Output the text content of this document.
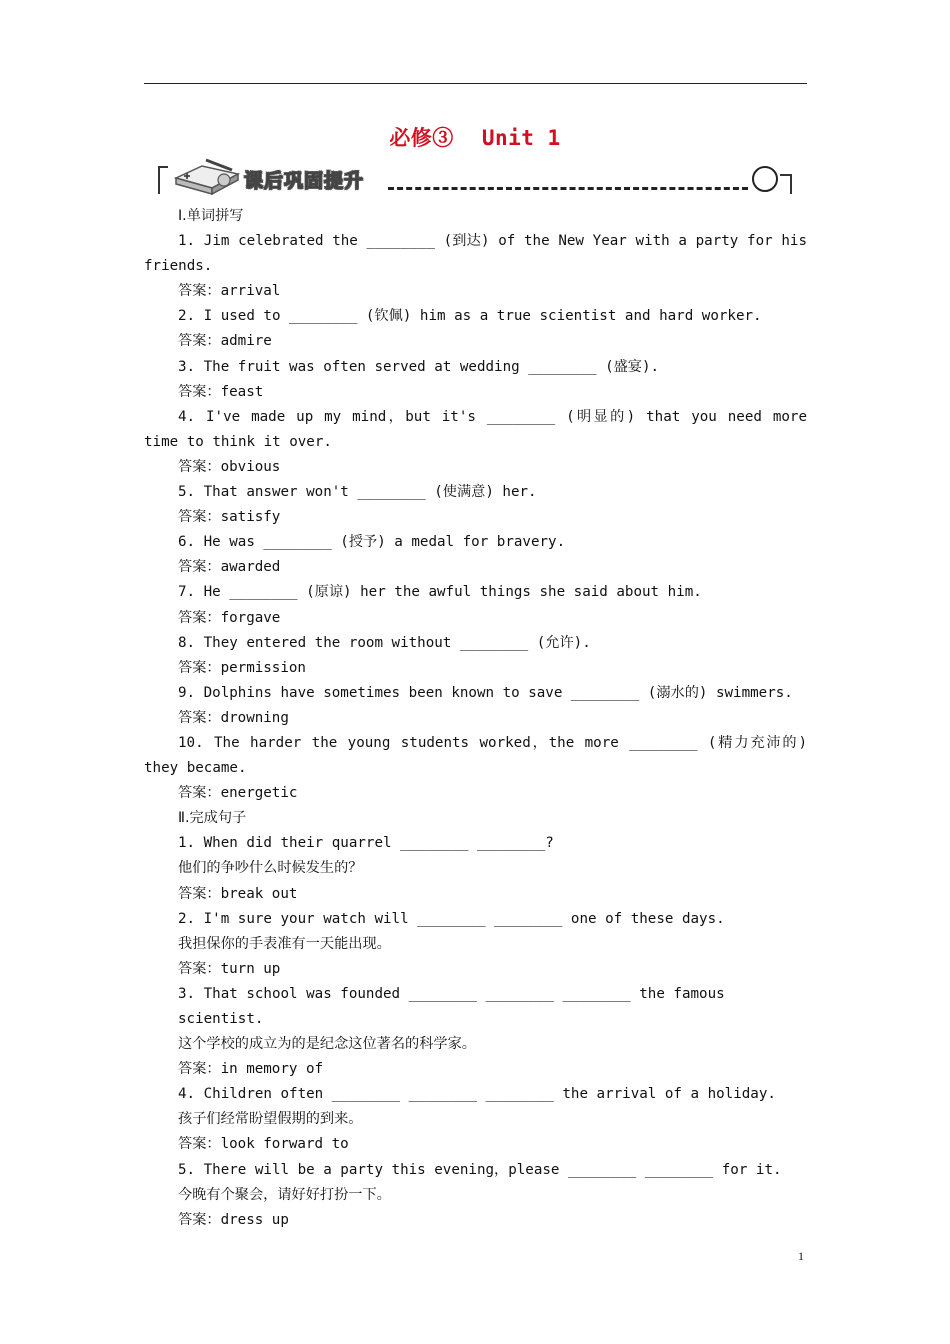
必修③ Unit 1
课后巩固提升

Ⅰ.单词拼写

1. Jim celebrated the ________ (到达) of the New Year with a party for his friends.

答案：arrival

2. I used to ________ (钦佩) him as a true scientist and hard worker.

答案：admire

3. The fruit was often served at wedding ________ (盛宴).

答案：feast

4. I've made up my mind，but it's ________ (明显的) that you need more time to think it over.

答案：obvious

5. That answer won't ________ (使满意) her.

答案：satisfy

6. He was ________ (授予) a medal for bravery.

答案：awarded

7. He ________ (原谅) her the awful things she said about him.

答案：forgave

8. They entered the room without ________ (允许).

答案：permission

9. Dolphins have sometimes been known to save ________ (溺水的) swimmers.

答案：drowning

10. The harder the young students worked，the more ________ (精力充沛的) they became.

答案：energetic

Ⅱ.完成句子

1. When did their quarrel ________ ________?

他们的争吵什么时候发生的？

答案：break out

2. I'm sure your watch will ________ ________ one of these days.

我担保你的手表准有一天能出现。

答案：turn up

3. That school was founded ________ ________ ________ the famous scientist.

这个学校的成立为的是纪念这位著名的科学家。

答案：in memory of

4. Children often ________ ________ ________ the arrival of a holiday.

孩子们经常盼望假期的到来。

答案：look forward to

5. There will be a party this evening，please ________ ________ for it.

今晚有个聚会，请好好打扮一下。

答案：dress up

1
